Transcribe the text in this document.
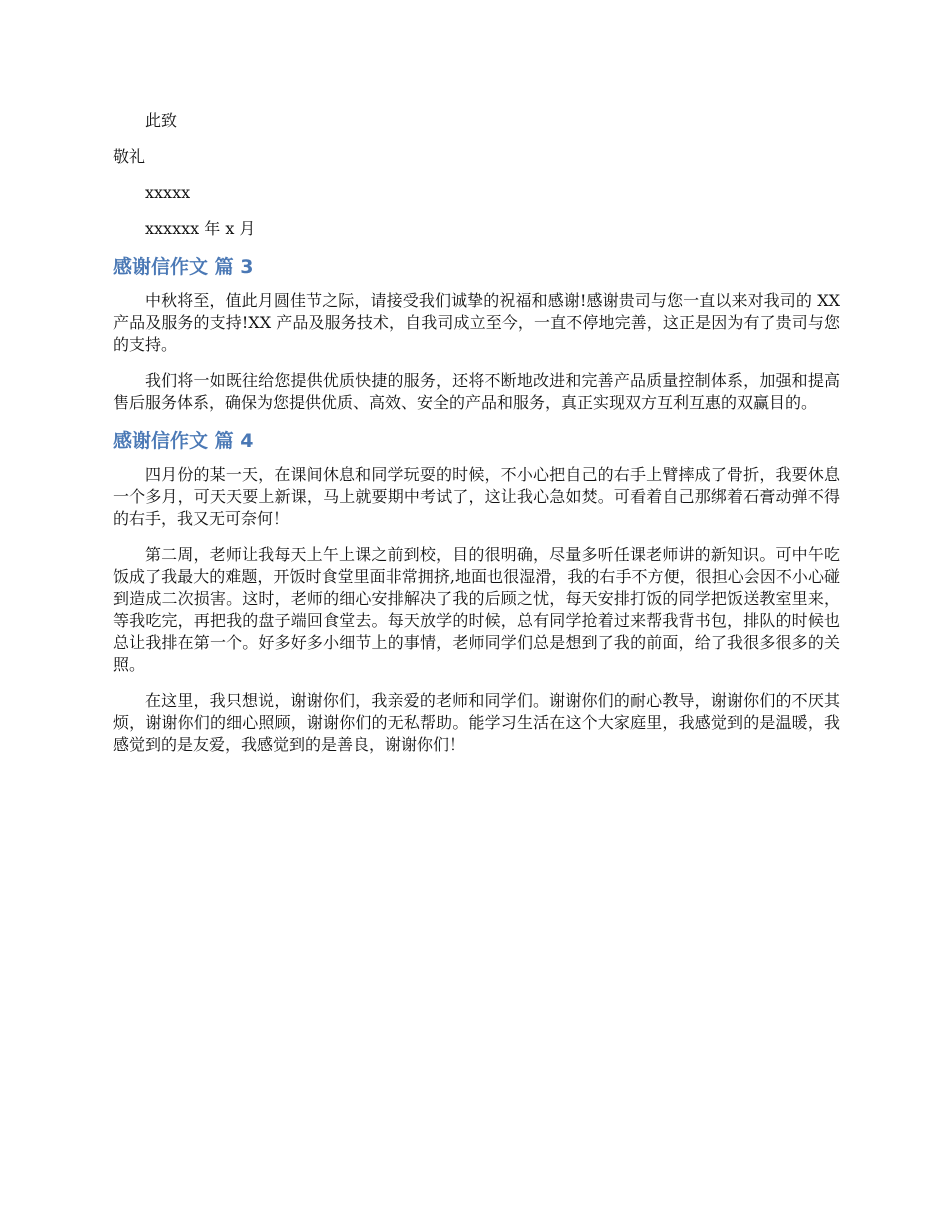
此致

敬礼

xxxxx

xxxxxx 年 x 月

感谢信作文 篇 3

中秋将至，值此月圆佳节之际，请接受我们诚挚的祝福和感谢!感谢贵司与您一直以来对我司的 XX 产品及服务的支持!XX 产品及服务技术，自我司成立至今，一直不停地完善，这正是因为有了贵司与您的支持。

我们将一如既往给您提供优质快捷的服务，还将不断地改进和完善产品质量控制体系，加强和提高售后服务体系，确保为您提供优质、高效、安全的产品和服务，真正实现双方互利互惠的双赢目的。

感谢信作文 篇 4

四月份的某一天，在课间休息和同学玩耍的时候，不小心把自己的右手上臂摔成了骨折，我要休息一个多月，可天天要上新课，马上就要期中考试了，这让我心急如焚。可看着自己那绑着石膏动弹不得的右手，我又无可奈何！

第二周，老师让我每天上午上课之前到校，目的很明确，尽量多听任课老师讲的新知识。可中午吃饭成了我最大的难题，开饭时食堂里面非常拥挤,地面也很湿滑，我的右手不方便，很担心会因不小心碰到造成二次损害。这时，老师的细心安排解决了我的后顾之忧，每天安排打饭的同学把饭送教室里来，等我吃完，再把我的盘子端回食堂去。每天放学的时候，总有同学抢着过来帮我背书包，排队的时候也总让我排在第一个。好多好多小细节上的事情，老师同学们总是想到了我的前面，给了我很多很多的关照。

在这里，我只想说，谢谢你们，我亲爱的老师和同学们。谢谢你们的耐心教导，谢谢你们的不厌其烦，谢谢你们的细心照顾，谢谢你们的无私帮助。能学习生活在这个大家庭里，我感觉到的是温暖，我感觉到的是友爱，我感觉到的是善良，谢谢你们！
